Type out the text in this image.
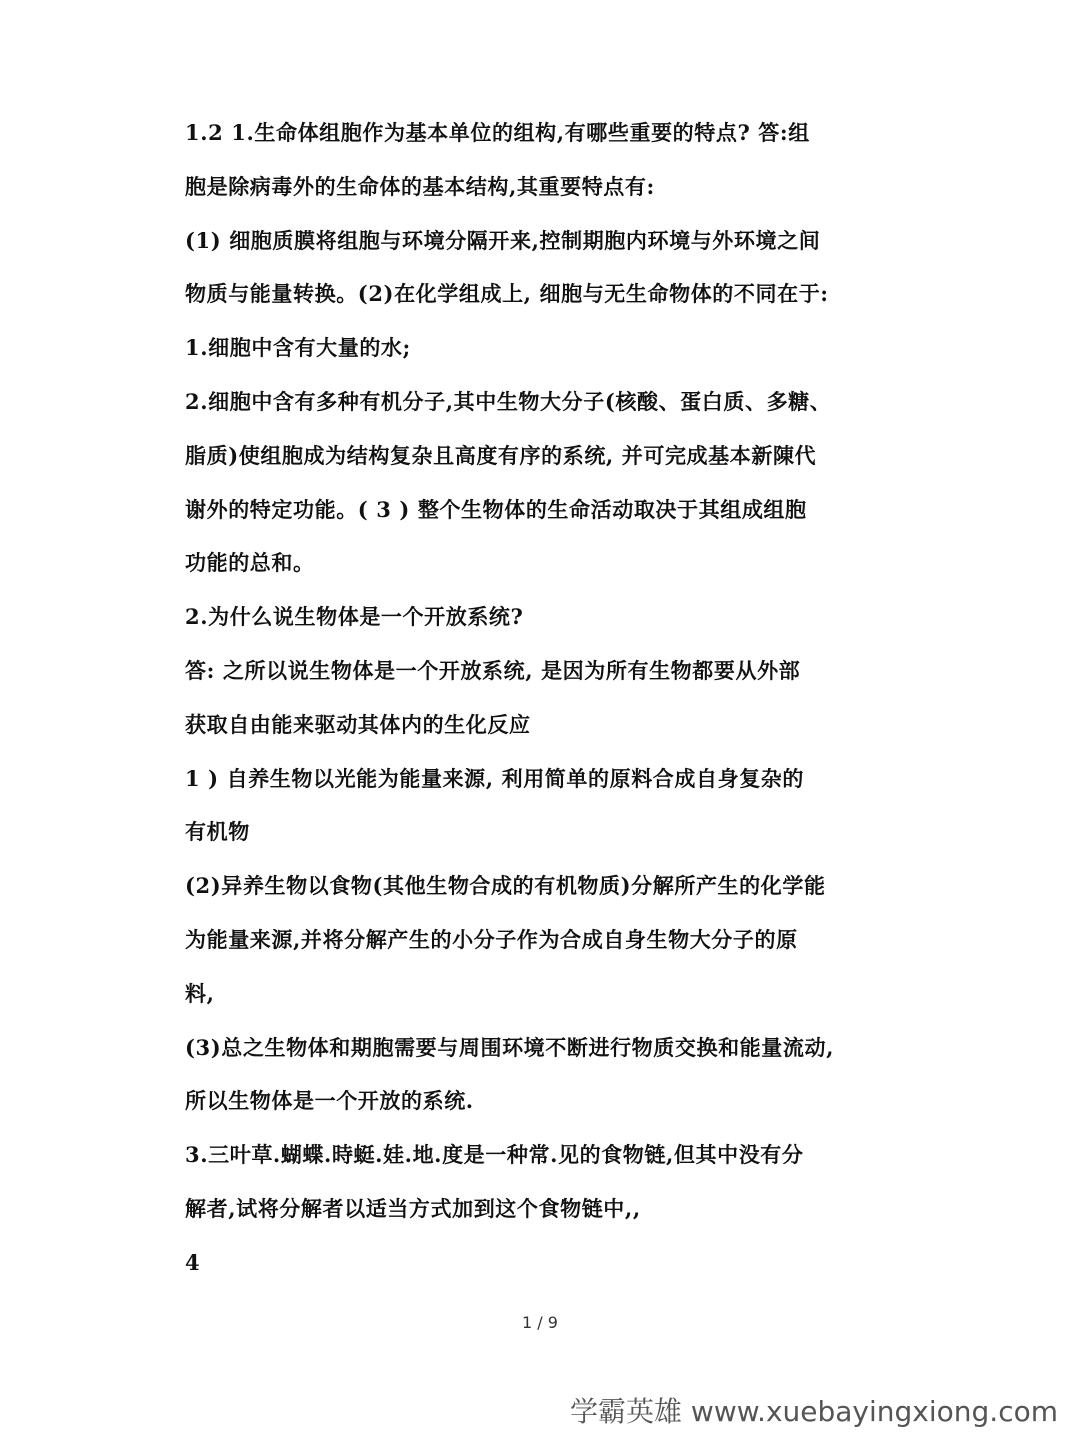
1.2 1.生命体组胞作为基本单位的组构,有哪些重要的特点? 答:组
胞是除病毒外的生命体的基本结构,其重要特点有:
(1) 细胞质膜将组胞与环境分隔开来,控制期胞内环境与外环境之间
物质与能量转换。(2)在化学组成上, 细胞与无生命物体的不同在于:
1.细胞中含有大量的水;
2.细胞中含有多种有机分子,其中生物大分子(核酸、蛋白质、多糖、
脂质)使组胞成为结构复杂且高度有序的系统, 并可完成基本新陳代
谢外的特定功能。( 3 ) 整个生物体的生命活动取决于其组成组胞
功能的总和。
2.为什么说生物体是一个开放系统?
答: 之所以说生物体是一个开放系统, 是因为所有生物都要从外部
获取自由能来驱动其体内的生化反应
1 ) 自养生物以光能为能量来源, 利用简单的原料合成自身复杂的
有机物
(2)异养生物以食物(其他生物合成的有机物质)分解所产生的化学能
为能量来源,并将分解产生的小分子作为合成自身生物大分子的原
料,
(3)总之生物体和期胞需要与周围环境不断进行物质交换和能量流动,
所以生物体是一个开放的系统.
3.三叶草.蝴蝶.時蜓.娃.地.度是一种常.见的食物链,但其中没有分
解者,试将分解者以适当方式加到这个食物链中,,
4
1 / 9
学霸英雄 www.xuebayingxiong.com
